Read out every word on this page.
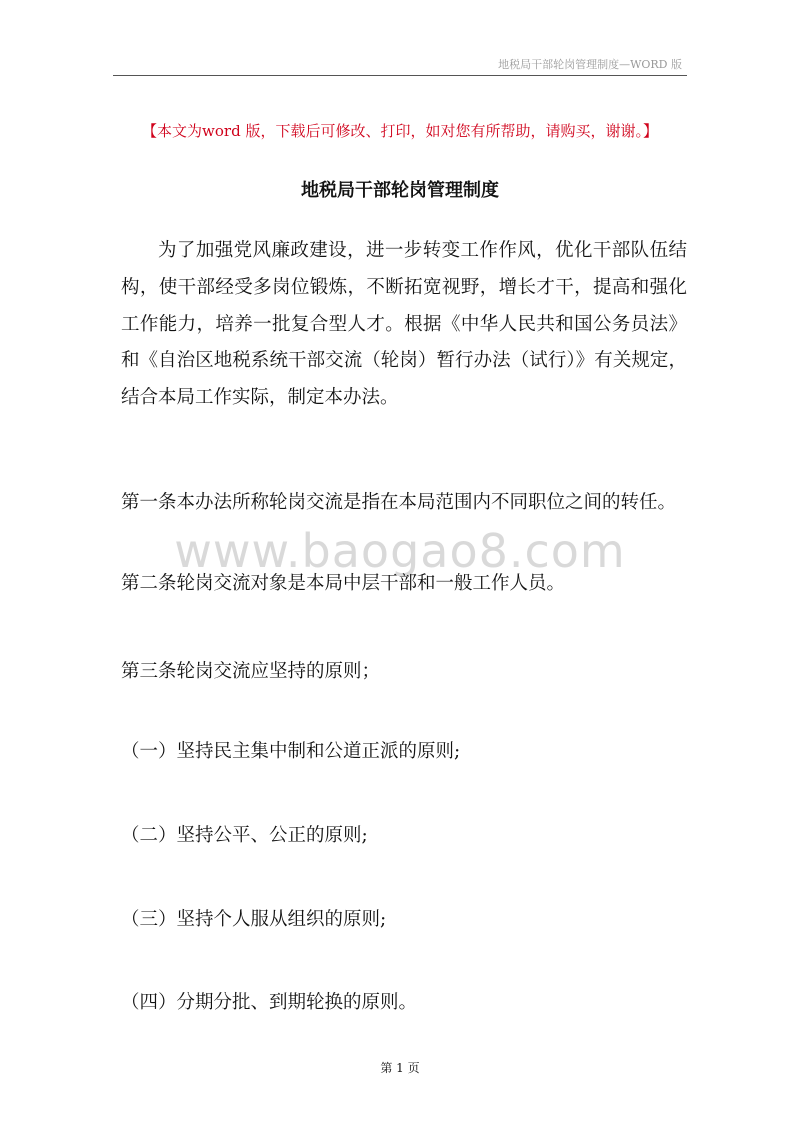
地税局干部轮岗管理制度—WORD 版
【本文为word 版，下载后可修改、打印，如对您有所帮助，请购买，谢谢。】
地税局干部轮岗管理制度

为了加强党风廉政建设，进一步转变工作作风，优化干部队伍结构，使干部经受多岗位锻炼，不断拓宽视野，增长才干，提高和强化工作能力，培养一批复合型人才。根据《中华人民共和国公务员法》和《自治区地税系统干部交流（轮岗）暂行办法（试行）》有关规定，结合本局工作实际，制定本办法。

第一条本办法所称轮岗交流是指在本局范围内不同职位之间的转任。

www.baogao8.com

第二条轮岗交流对象是本局中层干部和一般工作人员。

第三条轮岗交流应坚持的原则；

（一）坚持民主集中制和公道正派的原则;

（二）坚持公平、公正的原则;

（三）坚持个人服从组织的原则;

（四）分期分批、到期轮换的原则。

第 1 页
